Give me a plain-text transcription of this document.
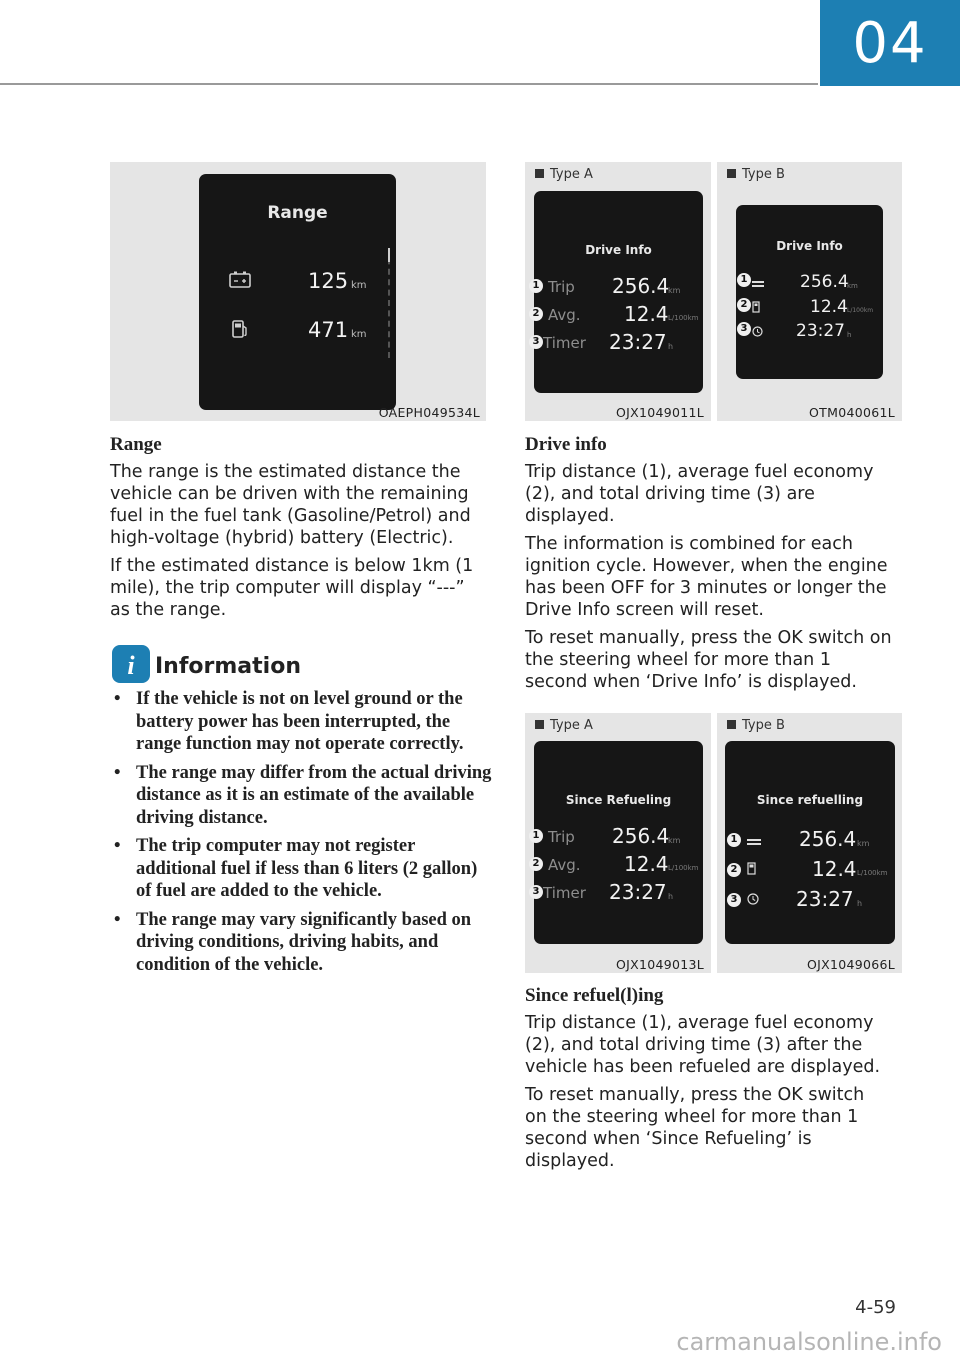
04
Range
125 km
471 km
OAEPH049534L
Range
The range is the estimated distance the vehicle can be driven with the remaining fuel in the fuel tank (Gasoline/Petrol) and high-voltage (hybrid) battery (Electric).
If the estimated distance is below 1km (1 mile), the trip computer will display “---” as the range.
i Information
• If the vehicle is not on level ground or the battery power has been interrupted, the range function may not operate correctly.
• The range may differ from the actual driving distance as it is an estimate of the available driving distance.
• The trip computer may not register additional fuel if less than 6 liters (2 gallon) of fuel are added to the vehicle.
• The range may vary significantly based on driving conditions, driving habits, and condition of the vehicle.
Type A
Drive Info
Trip 256.4
km
Avg. 12.4 L/100km
Timer 23:27 h
1
2
3
OJX1049011L
Type B
Drive Info
256.4
km
12.4 L/100km
23:27 h
1
2
3
OTM040061L
Drive info
Trip distance (1), average fuel economy (2), and total driving time (3) are displayed.
The information is combined for each ignition cycle. However, when the engine has been OFF for 3 minutes or longer the Drive Info screen will reset.
To reset manually, press the OK switch on the steering wheel for more than 1 second when ‘Drive Info’ is displayed.
Type A
Since Refueling
Trip 256.4
km
Avg. 12.4 L/100km
Timer 23:27 h
1
2
3
OJX1049013L
Type B
Since refuelling
256.4 km
12.4 L/100km
23:27 h
1
2
3
OJX1049066L
Since refuel(l)ing
Trip distance (1), average fuel economy (2), and total driving time (3) after the vehicle has been refueled are displayed.
To reset manually, press the OK switch on the steering wheel for more than 1 second when ‘Since Refueling’ is displayed.
4-59
carmanualsonline.info
